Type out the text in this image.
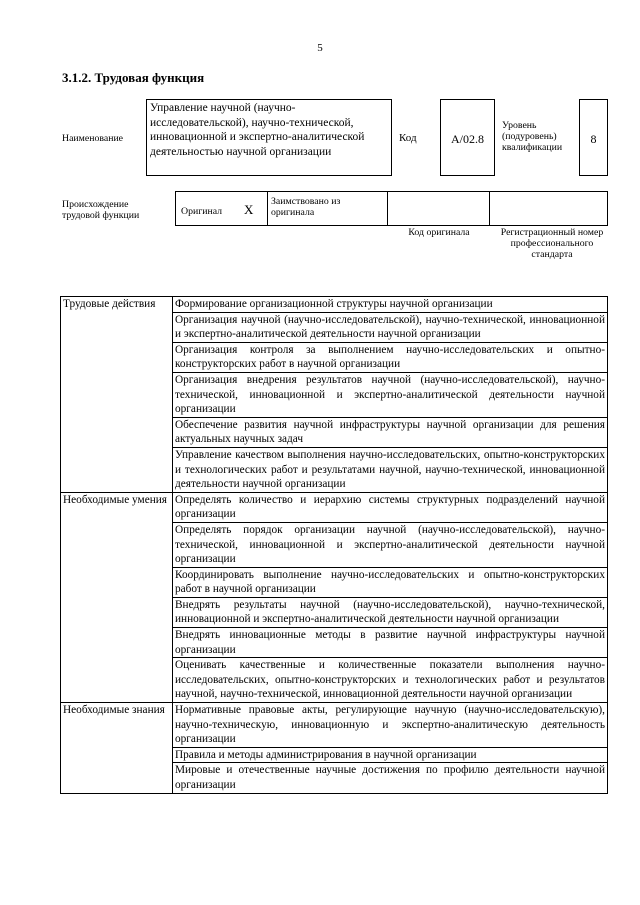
5
3.1.2. Трудовая функция
Наименование
Управление научной (научно-исследовательской), научно-технической, инновационной и экспертно-аналитической деятельностью научной организации
Код	А/02.8
Уровень (подуровень) квалификации
8
Происхождение трудовой функции	Оригинал X
Заимствовано из оригинала
Код оригинала	Регистрационный номер профессионального стандарта
Трудовые действия	Формирование организационной структуры научной организации
	Организация научной (научно-исследовательской), научно-технической, инновационной и экспертно-аналитической деятельности научной организации
	Организация контроля за выполнением научно-исследовательских и опытно-конструкторских работ в научной организации
	Организация внедрения результатов научной (научно-исследовательской), научно-технической, инновационной и экспертно-аналитической деятельности научной организации
	Обеспечение развития научной инфраструктуры научной организации для решения актуальных научных задач
	Управление качеством выполнения научно-исследовательских, опытно-конструкторских и технологических работ и результатами научной, научно-технической, инновационной деятельности научной организации
Необходимые умения	Определять количество и иерархию системы структурных подразделений научной организации
	Определять порядок организации научной (научно-исследовательской), научно-технической, инновационной и экспертно-аналитической деятельности научной организации
	Координировать выполнение научно-исследовательских и опытно-конструкторских работ в научной организации
	Внедрять результаты научной (научно-исследовательской), научно-технической, инновационной и экспертно-аналитической деятельности научной организации
	Внедрять инновационные методы в развитие научной инфраструктуры научной организации
	Оценивать качественные и количественные показатели выполнения научно-исследовательских, опытно-конструкторских и технологических работ и результатов научной, научно-технической, инновационной деятельности научной организации
Необходимые знания	Нормативные правовые акты, регулирующие научную (научно-исследовательскую), научно-техническую, инновационную и экспертно-аналитическую деятельность организации
	Правила и методы администрирования в научной организации
	Мировые и отечественные научные достижения по профилю деятельности научной организации
